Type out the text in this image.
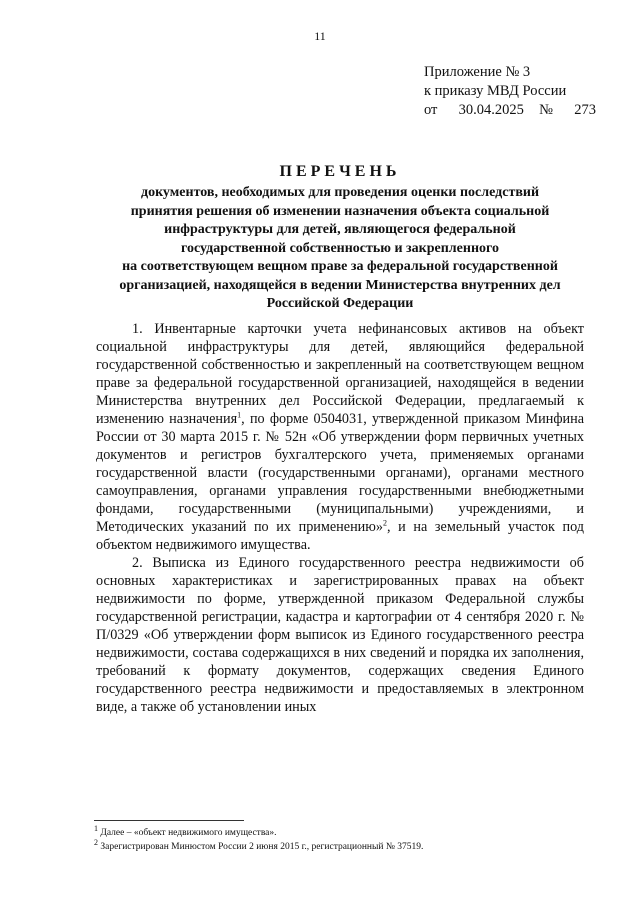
11
Приложение № 3
к приказу МВД России
от 30.04.2025 № 273
ПЕРЕЧЕНЬ
документов, необходимых для проведения оценки последствий
принятия решения об изменении назначения объекта социальной
инфраструктуры для детей, являющегося федеральной
государственной собственностью и закрепленного
на соответствующем вещном праве за федеральной государственной
организацией, находящейся в ведении Министерства внутренних дел
Российской Федерации

1. Инвентарные карточки учета нефинансовых активов на объект социальной инфраструктуры для детей, являющийся федеральной государственной собственностью и закрепленный на соответствующем вещном праве за федеральной государственной организацией, находящейся в ведении Министерства внутренних дел Российской Федерации, предлагаемый к изменению назначения$^1$, по форме 0504031, утвержденной приказом Минфина России от 30 марта 2015 г. № 52н «Об утверждении форм первичных учетных документов и регистров бухгалтерского учета, применяемых органами государственной власти (государственными органами), органами местного самоуправления, органами управления государственными внебюджетными фондами, государственными (муниципальными) учреждениями, и Методических указаний по их применению»$^2$, и на земельный участок под объектом недвижимого имущества.

2. Выписка из Единого государственного реестра недвижимости об основных характеристиках и зарегистрированных правах на объект недвижимости по форме, утвержденной приказом Федеральной службы государственной регистрации, кадастра и картографии от 4 сентября 2020 г. № П/0329 «Об утверждении форм выписок из Единого государственного реестра недвижимости, состава содержащихся в них сведений и порядка их заполнения, требований к формату документов, содержащих сведения Единого государственного реестра недвижимости и предоставляемых в электронном виде, а также об установлении иных

$^1$ Далее – «объект недвижимого имущества».
$^2$ Зарегистрирован Минюстом России 2 июня 2015 г., регистрационный № 37519.
